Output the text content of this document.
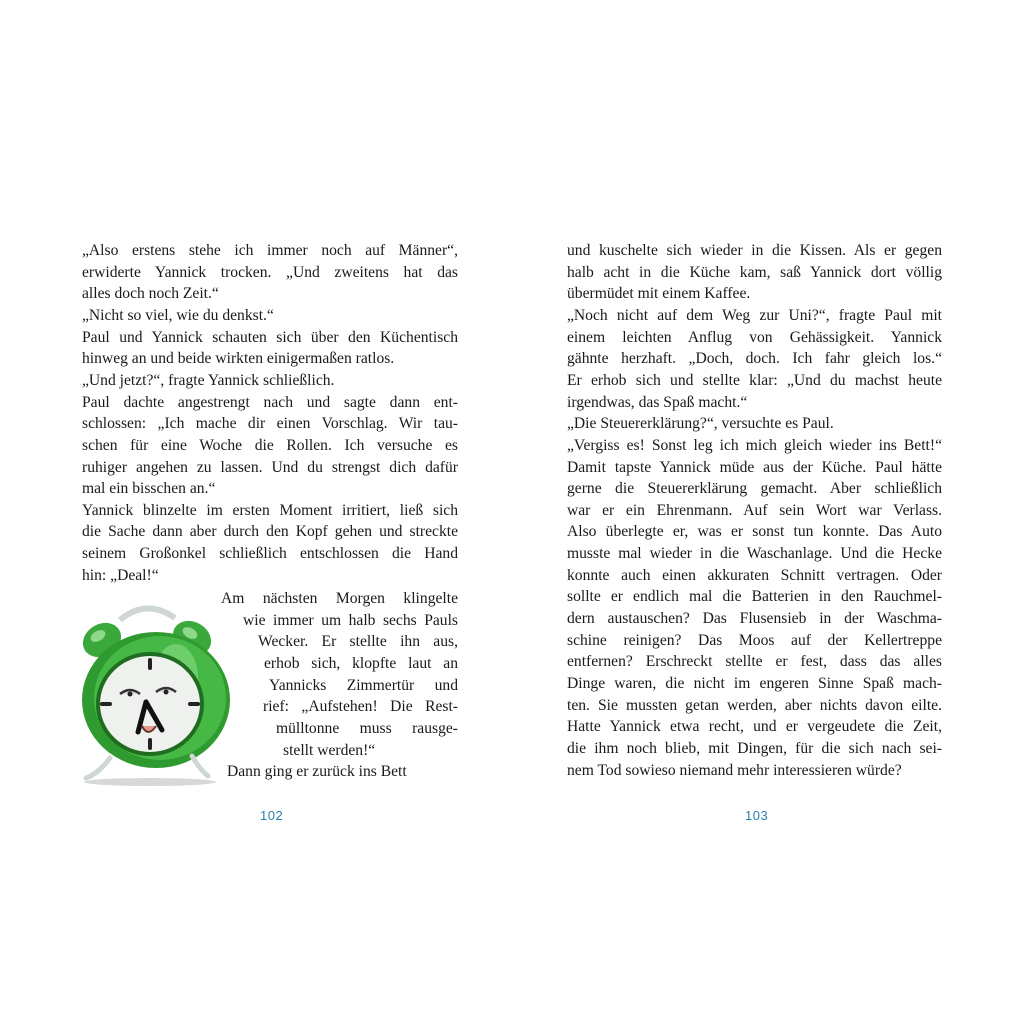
„Also erstens stehe ich immer noch auf Männer“,
erwiderte Yannick trocken. „Und zweitens hat das
alles doch noch Zeit.“
„Nicht so viel, wie du denkst.“
Paul und Yannick schauten sich über den Küchentisch
hinweg an und beide wirkten einigermaßen ratlos.
„Und jetzt?“, fragte Yannick schließlich.
Paul dachte angestrengt nach und sagte dann ent-
schlossen: „Ich mache dir einen Vorschlag. Wir tau-
schen für eine Woche die Rollen. Ich versuche es
ruhiger angehen zu lassen. Und du strengst dich dafür
mal ein bisschen an.“
Yannick blinzelte im ersten Moment irritiert, ließ sich
die Sache dann aber durch den Kopf gehen und streckte
seinem Großonkel schließlich entschlossen die Hand
hin: „Deal!“
Am nächsten Morgen klingelte
wie immer um halb sechs Pauls
Wecker. Er stellte ihn aus,
erhob sich, klopfte laut an
Yannicks Zimmertür und
rief: „Aufstehen! Die Rest-
mülltonne muss rausge-
stellt werden!“
Dann ging er zurück ins Bett
102
und kuschelte sich wieder in die Kissen. Als er gegen
halb acht in die Küche kam, saß Yannick dort völlig
übermüdet mit einem Kaffee.
„Noch nicht auf dem Weg zur Uni?“, fragte Paul mit
einem leichten Anflug von Gehässigkeit. Yannick
gähnte herzhaft. „Doch, doch. Ich fahr gleich los.“
Er erhob sich und stellte klar: „Und du machst heute
irgendwas, das Spaß macht.“
„Die Steuererklärung?“, versuchte es Paul.
„Vergiss es! Sonst leg ich mich gleich wieder ins Bett!“
Damit tapste Yannick müde aus der Küche. Paul hätte
gerne die Steuererklärung gemacht. Aber schließlich
war er ein Ehrenmann. Auf sein Wort war Verlass.
Also überlegte er, was er sonst tun konnte. Das Auto
musste mal wieder in die Waschanlage. Und die Hecke
konnte auch einen akkuraten Schnitt vertragen. Oder
sollte er endlich mal die Batterien in den Rauchmel-
dern austauschen? Das Flusensieb in der Waschma-
schine reinigen? Das Moos auf der Kellertreppe
entfernen? Erschreckt stellte er fest, dass das alles
Dinge waren, die nicht im engeren Sinne Spaß mach-
ten. Sie mussten getan werden, aber nichts davon eilte.
Hatte Yannick etwa recht, und er vergeudete die Zeit,
die ihm noch blieb, mit Dingen, für die sich nach sei-
nem Tod sowieso niemand mehr interessieren würde?
103
